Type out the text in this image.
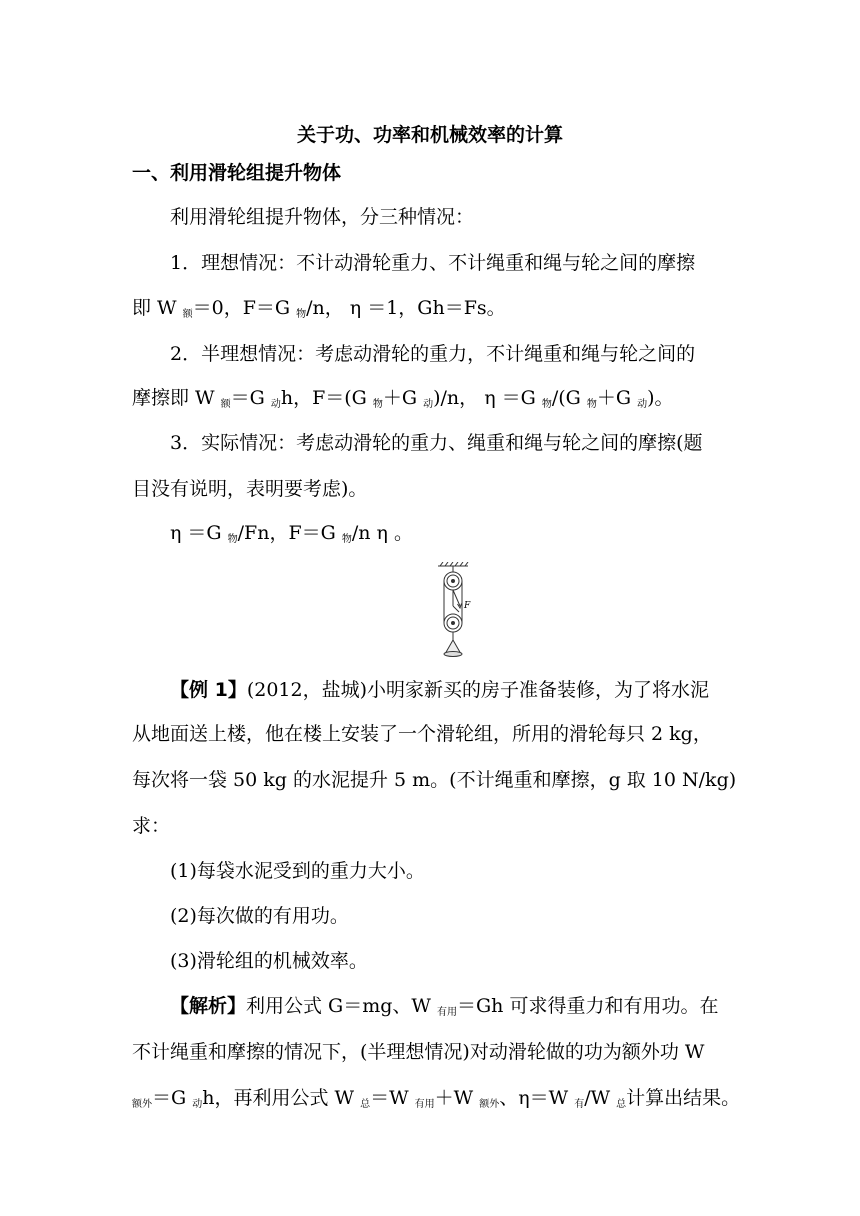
关于功、功率和机械效率的计算
一、利用滑轮组提升物体
利用滑轮组提升物体，分三种情况：
1．理想情况：不计动滑轮重力、不计绳重和绳与轮之间的摩擦
即 W $_额$＝0，F＝G $_物$/n， η ＝1，Gh＝Fs。
2．半理想情况：考虑动滑轮的重力，不计绳重和绳与轮之间的
摩擦即 W $_额$＝G $_动$h，F＝(G $_物$＋G $_动$)/n， η ＝G $_物$/(G $_物$＋G $_动$)。
3．实际情况：考虑动滑轮的重力、绳重和绳与轮之间的摩擦(题
目没有说明，表明要考虑)。
η ＝G $_物$/Fn，F＝G $_物$/n η 。
F
【例 1】(2012，盐城)小明家新买的房子准备装修，为了将水泥
从地面送上楼，他在楼上安装了一个滑轮组，所用的滑轮每只 2 kg，
每次将一袋 50 kg 的水泥提升 5 m。(不计绳重和摩擦，g 取 10 N/kg)
求：
(1)每袋水泥受到的重力大小。
(2)每次做的有用功。
(3)滑轮组的机械效率。
【解析】利用公式 G＝mg、W $_{有用}$＝Gh 可求得重力和有用功。在
不计绳重和摩擦的情况下，(半理想情况)对动滑轮做的功为额外功 W
$_{额外}$＝G $_动$h，再利用公式 W $_总$＝W $_{有用}$＋W $_{额外}$、η＝W $_有$/W $_总$计算出结果。
